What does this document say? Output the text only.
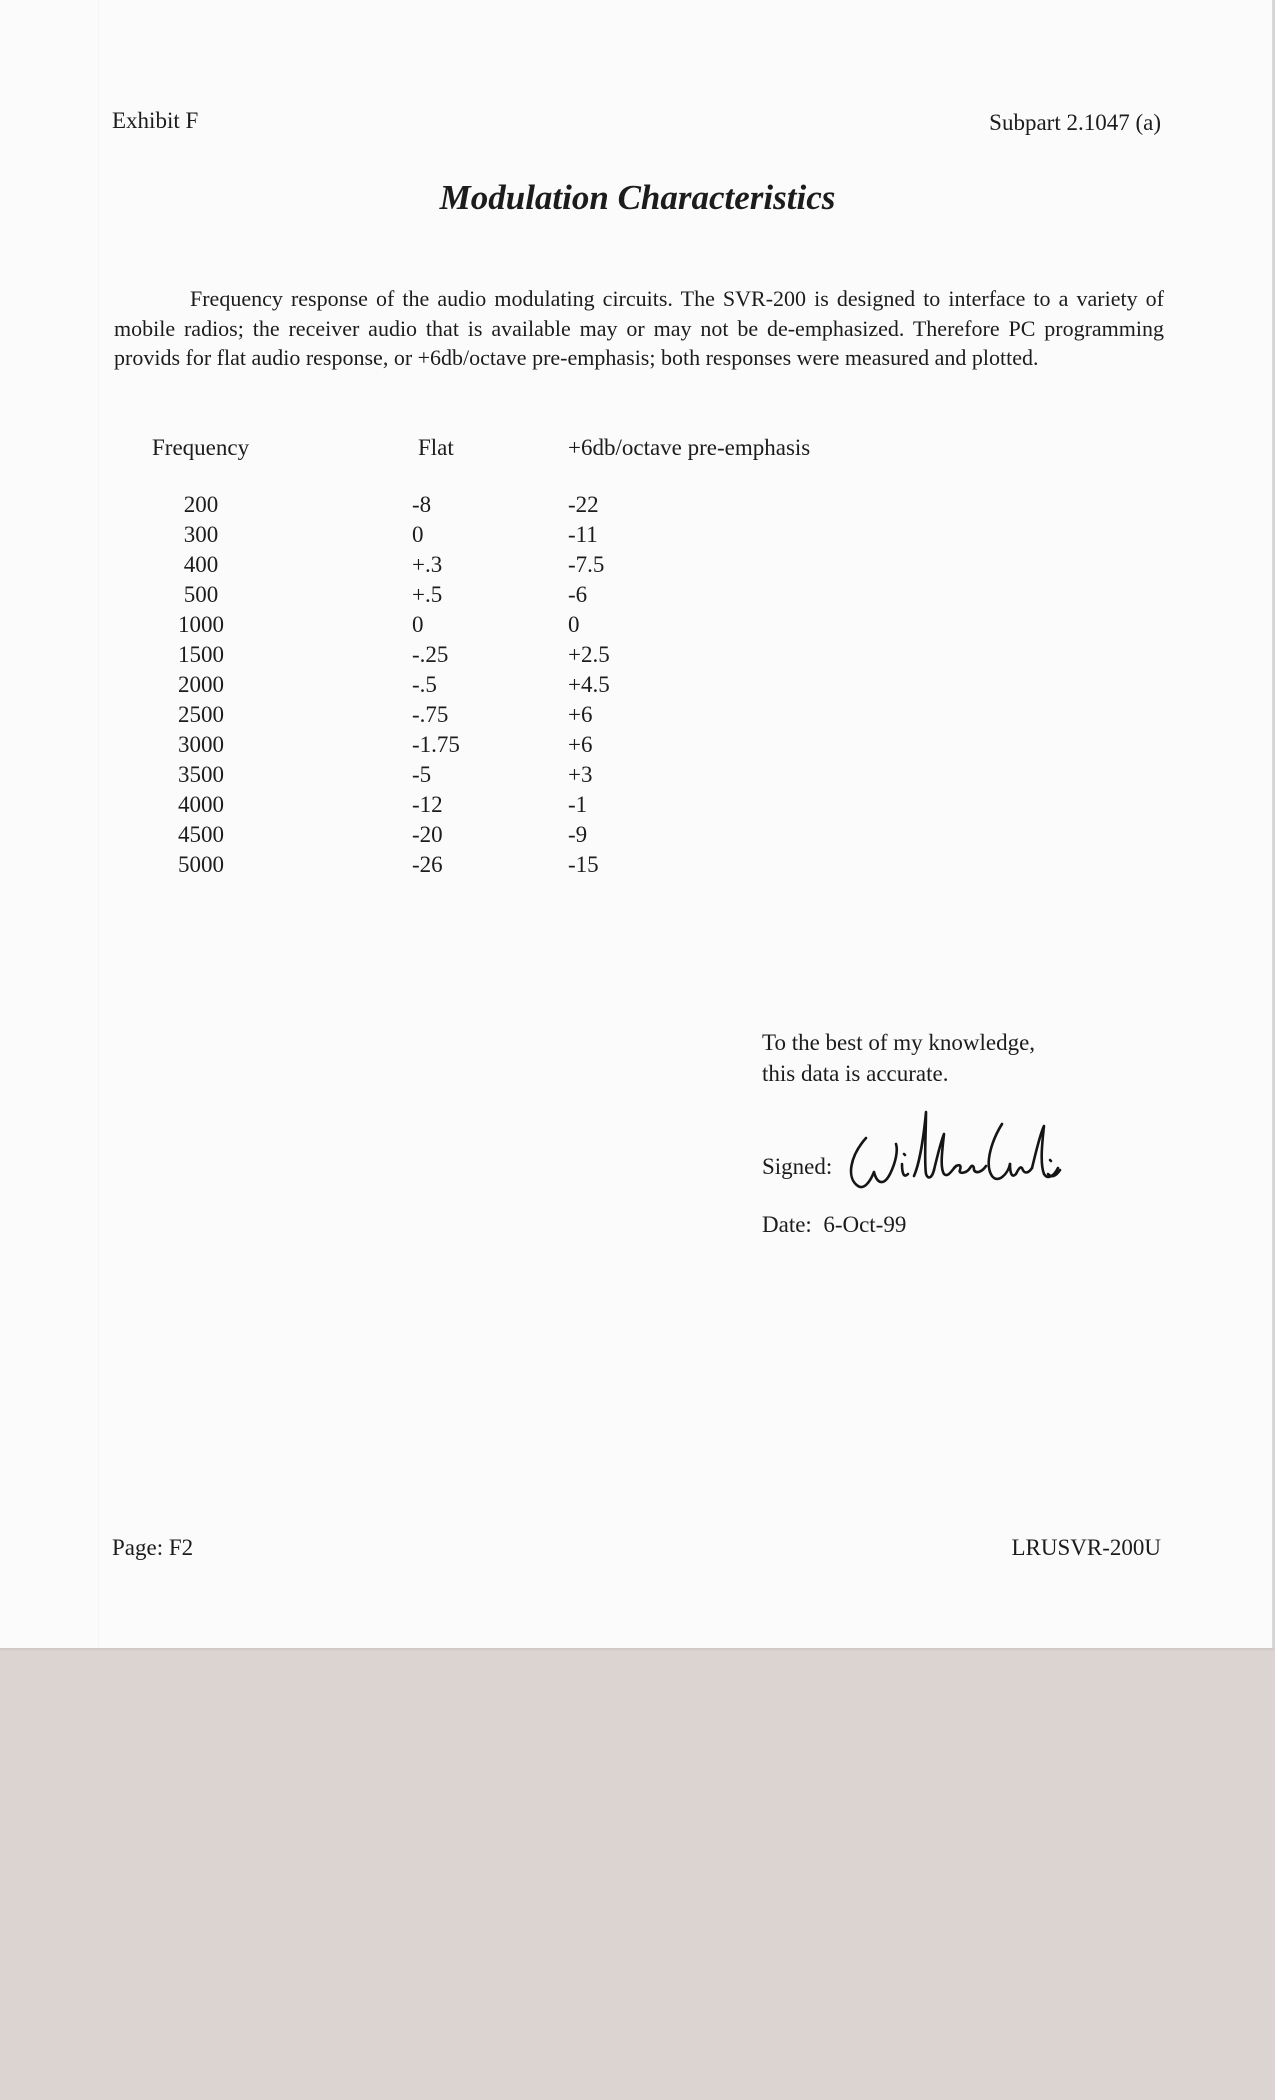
Exhibit F	Subpart 2.1047 (a)
Modulation Characteristics
Frequency response of the audio modulating circuits. The SVR-200 is designed to interface to a variety of mobile radios; the receiver audio that is available may or may not be de-emphasized. Therefore PC programming provids for flat audio response, or +6db/octave pre-emphasis; both responses were measured and plotted.
Frequency	Flat	+6db/octave pre-emphasis
200	-8	-22
300	0	-11
400	+.3	-7.5
500	+.5	-6
1000	0	0
1500	-.25	+2.5
2000	-.5	+4.5
2500	-.75	+6
3000	-1.75	+6
3500	-5	+3
4000	-12	-1
4500	-20	-9
5000	-26	-15
To the best of my knowledge,
this data is accurate.
Signed:
Date: 6-Oct-99
Page: F2	LRUSVR-200U
